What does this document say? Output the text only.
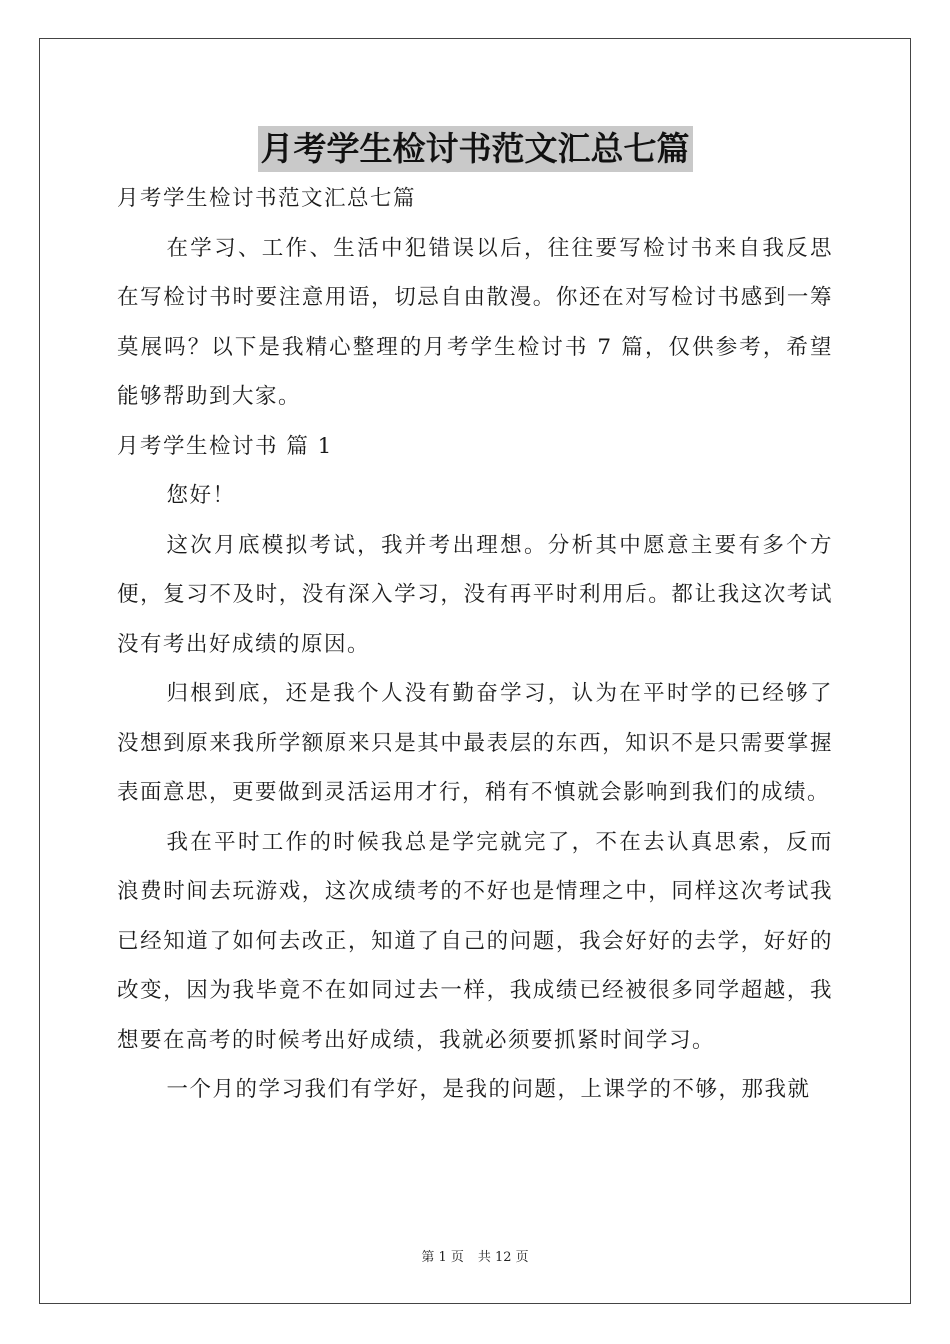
月考学生检讨书范文汇总七篇

月考学生检讨书范文汇总七篇

在学习、工作、生活中犯错误以后，往往要写检讨书来自我反思在写检讨书时要注意用语，切忌自由散漫。你还在对写检讨书感到一筹莫展吗？以下是我精心整理的月考学生检讨书 7 篇，仅供参考，希望能够帮助到大家。

月考学生检讨书 篇 1

您好！

这次月底模拟考试，我并考出理想。分析其中愿意主要有多个方便，复习不及时，没有深入学习，没有再平时利用后。都让我这次考试没有考出好成绩的原因。

归根到底，还是我个人没有勤奋学习，认为在平时学的已经够了没想到原来我所学额原来只是其中最表层的东西，知识不是只需要掌握表面意思，更要做到灵活运用才行，稍有不慎就会影响到我们的成绩。

我在平时工作的时候我总是学完就完了，不在去认真思索，反而浪费时间去玩游戏，这次成绩考的不好也是情理之中，同样这次考试我已经知道了如何去改正，知道了自己的问题，我会好好的去学，好好的改变，因为我毕竟不在如同过去一样，我成绩已经被很多同学超越，我想要在高考的时候考出好成绩，我就必须要抓紧时间学习。

一个月的学习我们有学好，是我的问题，上课学的不够，那我就

第 1 页 共 12 页
